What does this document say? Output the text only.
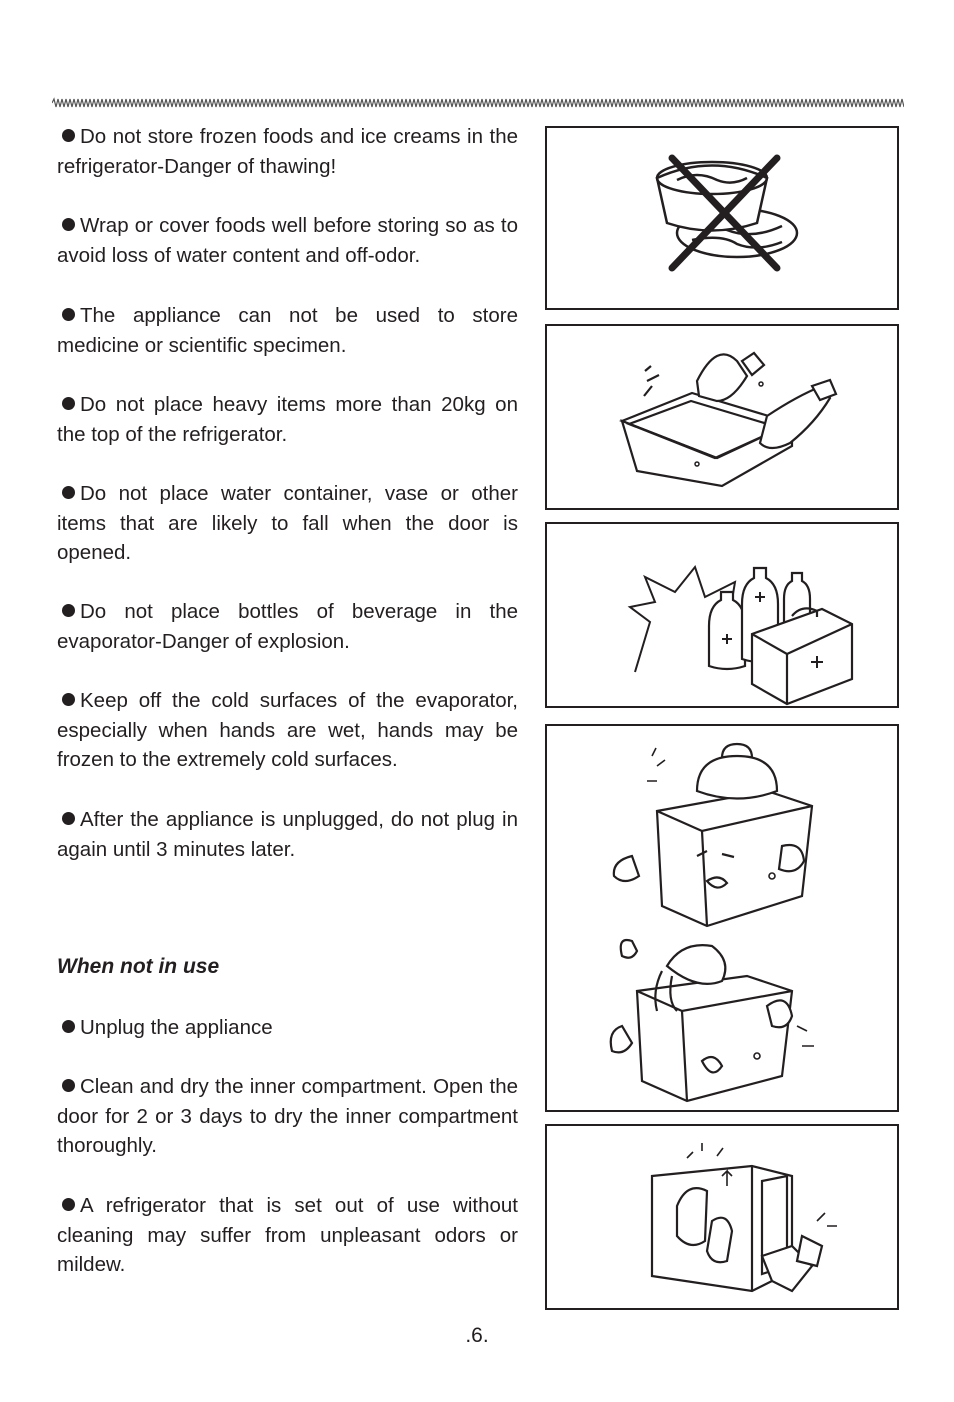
Do not store frozen foods and ice creams in the refrigerator-Danger of thawing!

Wrap or cover foods well before storing so as to avoid loss of water content and off-odor.

The appliance can not be used to store medicine or scientific specimen.

Do not place heavy items more than 20kg on the top of the refrigerator.

Do not place water container, vase or other items that are likely to fall when the door is opened.

Do not place bottles of beverage in the evaporator-Danger of explosion.

Keep off the cold surfaces of the evaporator, especially when hands are wet, hands may be frozen to the extremely cold surfaces.

After the appliance is unplugged, do not plug in again until 3 minutes later.

When not in use

Unplug the appliance

Clean and dry the inner compartment. Open the door for 2 or 3 days to dry the inner compartment thoroughly.

A refrigerator that is set out of use without cleaning may suffer from unpleasant odors or mildew.

.6.
